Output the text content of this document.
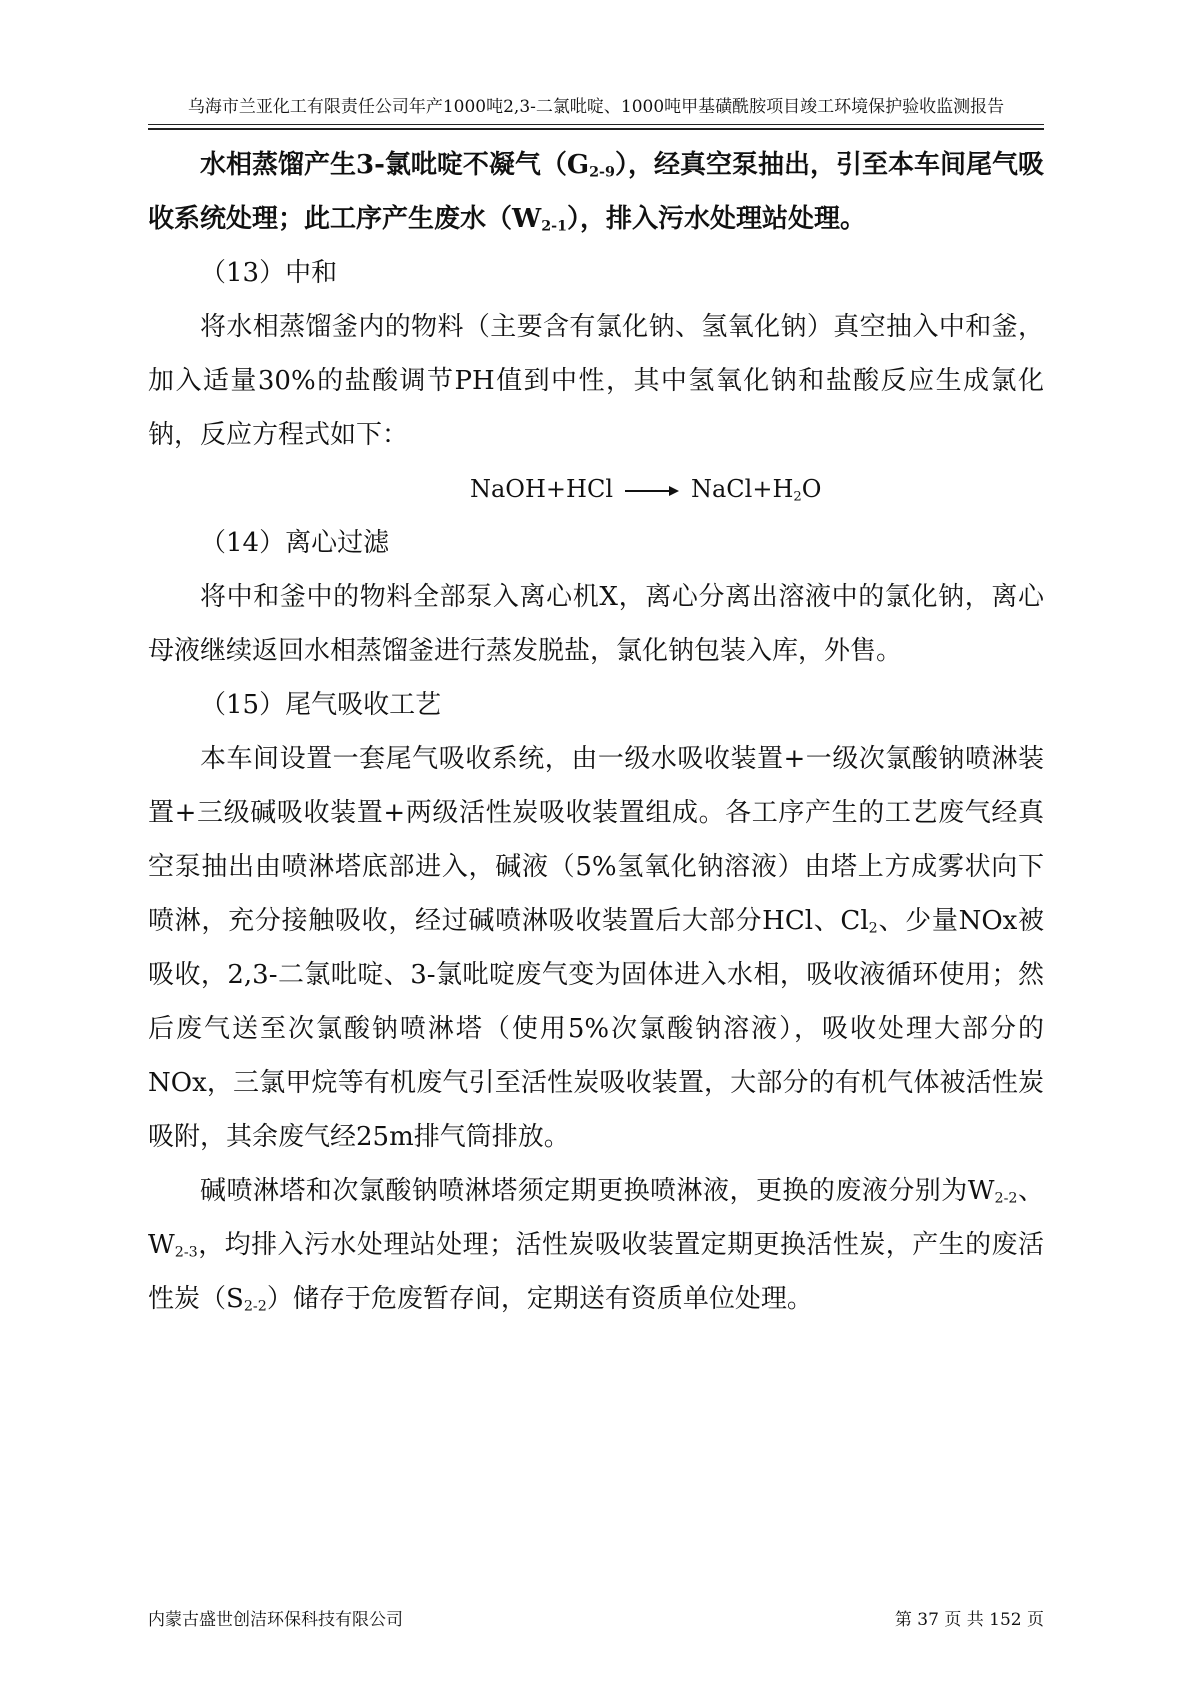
乌海市兰亚化工有限责任公司年产1000吨2,3-二氯吡啶、1000吨甲基磺酰胺项目竣工环境保护验收监测报告

水相蒸馏产生3-氯吡啶不凝气$(G_{2-9})$，经真空泵抽出，引至本车间尾气吸收系统处理；此工序产生废水$(W_{2-1})$，排入污水处理站处理。

（13）中和

将水相蒸馏釜内的物料（主要含有氯化钠、氢氧化钠）真空抽入中和釜，加入适量30%的盐酸调节PH值到中性，其中氢氧化钠和盐酸反应生成氯化钠，反应方程式如下：

NaOH+HCl	$NaCl+H_2O$

（14）离心过滤

将中和釜中的物料全部泵入离心机X，离心分离出溶液中的氯化钠，离心母液继续返回水相蒸馏釜进行蒸发脱盐，氯化钠包装入库，外售。

（15）尾气吸收工艺

本车间设置一套尾气吸收系统，由一级水吸收装置+一级次氯酸钠喷淋装置+三级碱吸收装置+两级活性炭吸收装置组成。各工序产生的工艺废气经真空泵抽出由喷淋塔底部进入，碱液（5%氢氧化钠溶液）由塔上方成雾状向下喷淋，充分接触吸收，经过碱喷淋吸收装置后大部分HCl、$Cl_2$、少量NOx被吸收，2,3-二氯吡啶、3-氯吡啶废气变为固体进入水相，吸收液循环使用；然后废气送至次氯酸钠喷淋塔（使用5%次氯酸钠溶液），吸收处理大部分的NOx，三氯甲烷等有机废气引至活性炭吸收装置，大部分的有机气体被活性炭吸附，其余废气经25m排气筒排放。

碱喷淋塔和次氯酸钠喷淋塔须定期更换喷淋液，更换的废液分别为$W_{2-2}$、$W_{2-3}$，均排入污水处理站处理；活性炭吸收装置定期更换活性炭，产生的废活性炭$(S_{2-2})$储存于危废暂存间，定期送有资质单位处理。

内蒙古盛世创洁环保科技有限公司	第 37 页 共 152 页
